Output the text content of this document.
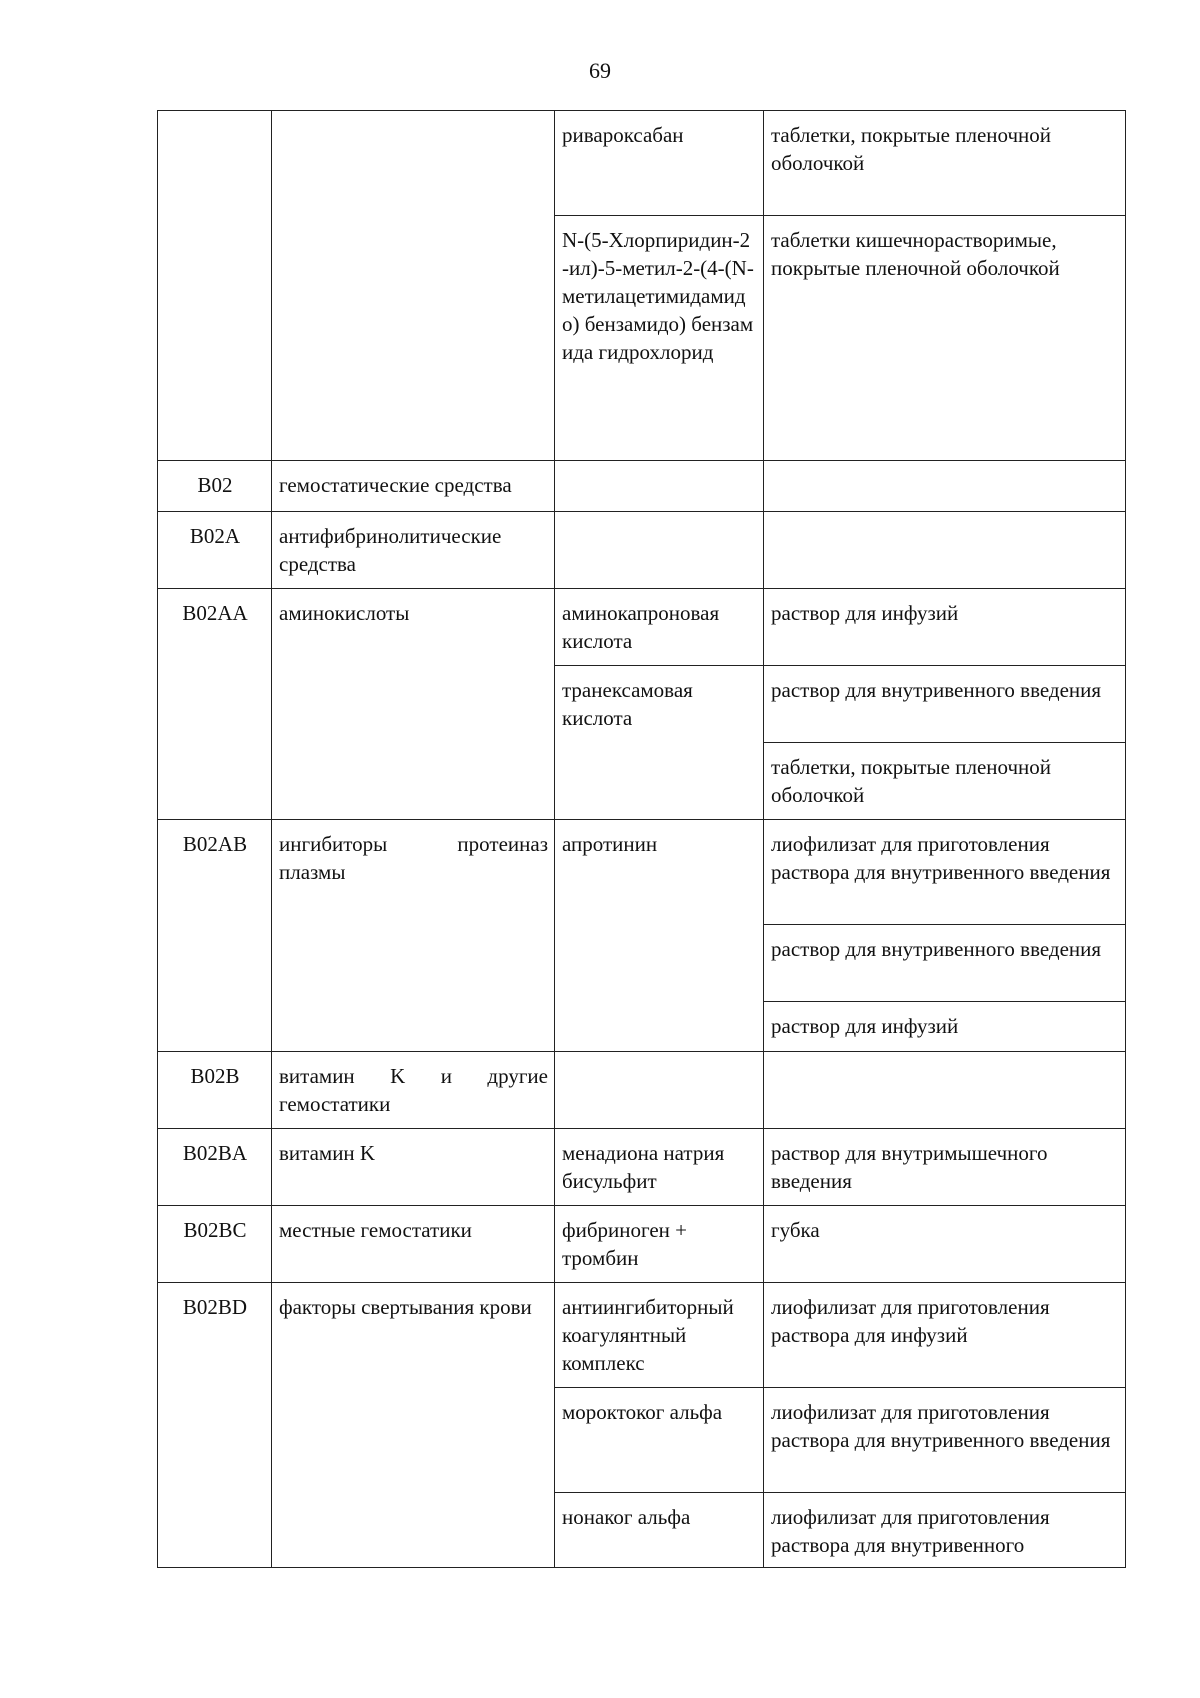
69
		ривароксабан	таблетки, покрытые пленочной оболочкой
		N-(5-Хлорпиридин-2-ил)-5-метил-2-(4-(N-метилацетимидамидо) бензамидо) бензамида гидрохлорид	таблетки кишечнорастворимые, покрытые пленочной оболочкой
B02	гемостатические средства		
B02A	антифибринолитические средства		
B02AA	аминокислоты	аминокапроновая кислота	раствор для инфузий
		транексамовая кислота	раствор для внутривенного введения
			таблетки, покрытые пленочной оболочкой
B02AB	ингибиторы протеиназ плазмы	апротинин	лиофилизат для приготовления раствора для внутривенного введения
			раствор для внутривенного введения
			раствор для инфузий
B02B	витамин K и другие гемостатики		
B02BA	витамин K	менадиона натрия бисульфит	раствор для внутримышечного введения
B02BC	местные гемостатики	фибриноген + тромбин	губка
B02BD	факторы свертывания крови	антиингибиторный коагулянтный комплекс	лиофилизат для приготовления раствора для инфузий
		мороктоког альфа	лиофилизат для приготовления раствора для внутривенного введения
		нонаког альфа	лиофилизат для приготовления раствора для внутривенного
